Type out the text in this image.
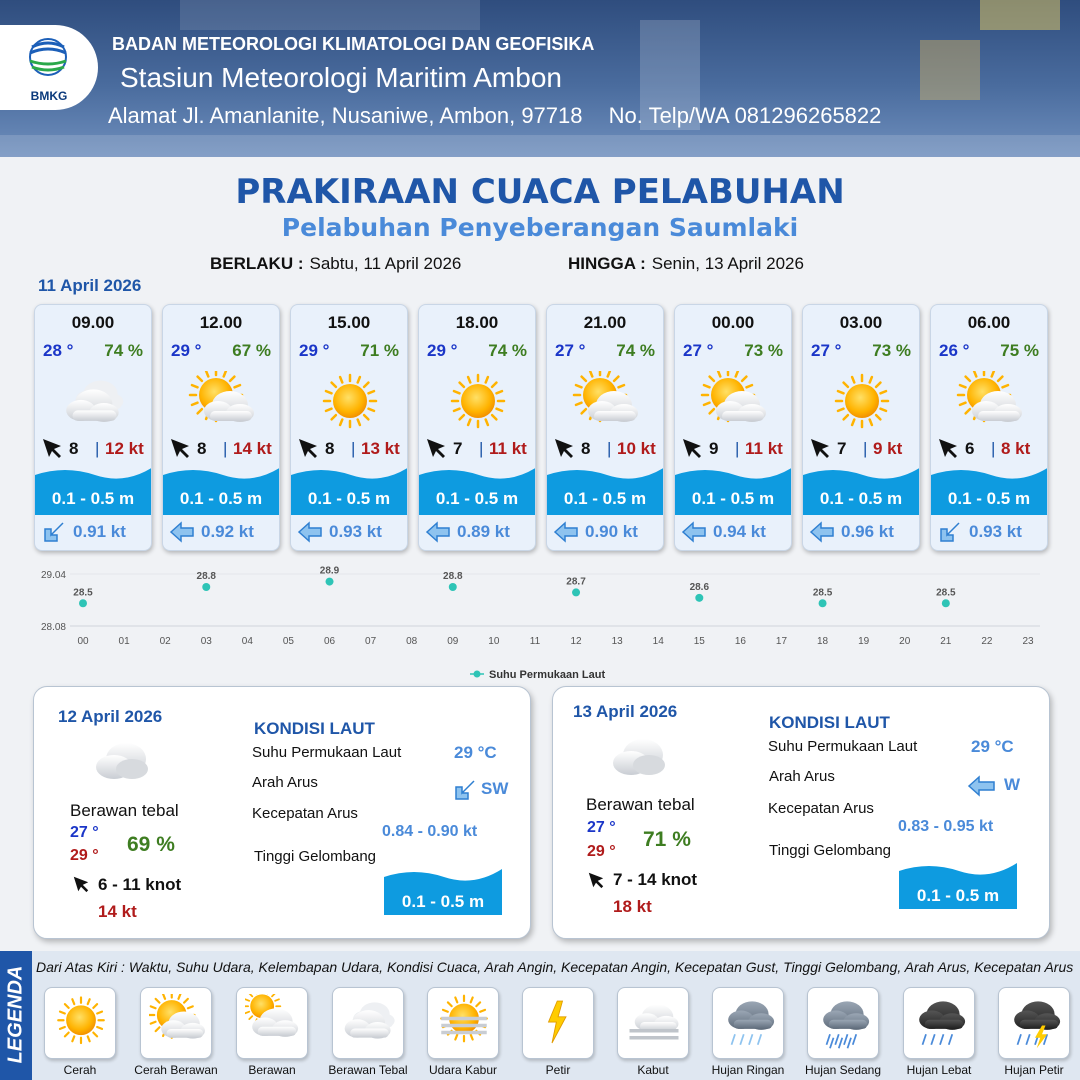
BMKG
BADAN METEOROLOGI KLIMATOLOGI DAN GEOFISIKA
Stasiun Meteorologi Maritim Ambon
Alamat Jl. Amanlanite, Nusaniwe, Ambon, 97718 No. Telp/WA 081296265822
PRAKIRAAN CUACA PELABUHAN
Pelabuhan Penyeberangan Saumlaki
BERLAKU : Sabtu, 11 April 2026	HINGGA : Senin, 13 April 2026
11 April 2026
09.00
28 ° 74 %
8 | 12 kt
0.1 - 0.5 m
0.91 kt
12.00
29 ° 67 %
8 | 14 kt
0.1 - 0.5 m
0.92 kt
15.00
29 ° 71 %
8 | 13 kt
0.1 - 0.5 m
0.93 kt
18.00
29 ° 74 %
7 | 11 kt
0.1 - 0.5 m
0.89 kt
21.00
27 ° 74 %
8 | 10 kt
0.1 - 0.5 m
0.90 kt
00.00
27 ° 73 %
9 | 11 kt
0.1 - 0.5 m
0.94 kt
03.00
27 ° 73 %
7 | 9 kt
0.1 - 0.5 m
0.96 kt
06.00
26 ° 75 %
6 | 8 kt
0.1 - 0.5 m
0.93 kt
29.04
28.08
00	01	02	03	04	05	06	07	08	09	10	11	12	13	14	15	16	17	18	19	20	21	22	23
28.5
28.8	28.9	28.8	28.7	28.6	28.5	28.5
Suhu Permukaan Laut
12 April 2026
Berawan tebal
27 °
29 ° 69 %
6 - 11 knot
14 kt
KONDISI LAUT
Suhu Permukaan Laut	29 °C
Arah Arus	SW
Kecepatan Arus
0.84 - 0.90 kt
Tinggi Gelombang
0.1 - 0.5 m
13 April 2026
Berawan tebal
27 °
29 °
71 %
7 - 14 knot
18 kt
KONDISI LAUT
Suhu Permukaan Laut	29 °C
Arah Arus	W
Kecepatan Arus
0.83 - 0.95 kt
Tinggi Gelombang
0.1 - 0.5 m
LEGENDA Dari Atas Kiri : Waktu, Suhu Udara, Kelembapan Udara, Kondisi Cuaca, Arah Angin, Kecepatan Angin, Kecepatan Gust, Tinggi Gelombang, Arah Arus, Kecepatan Arus
Cerah	Cerah Berawan	Berawan	Berawan Tebal	Udara Kabur	Petir	Kabut	Hujan Ringan	Hujan Sedang	Hujan Lebat	Hujan Petir
